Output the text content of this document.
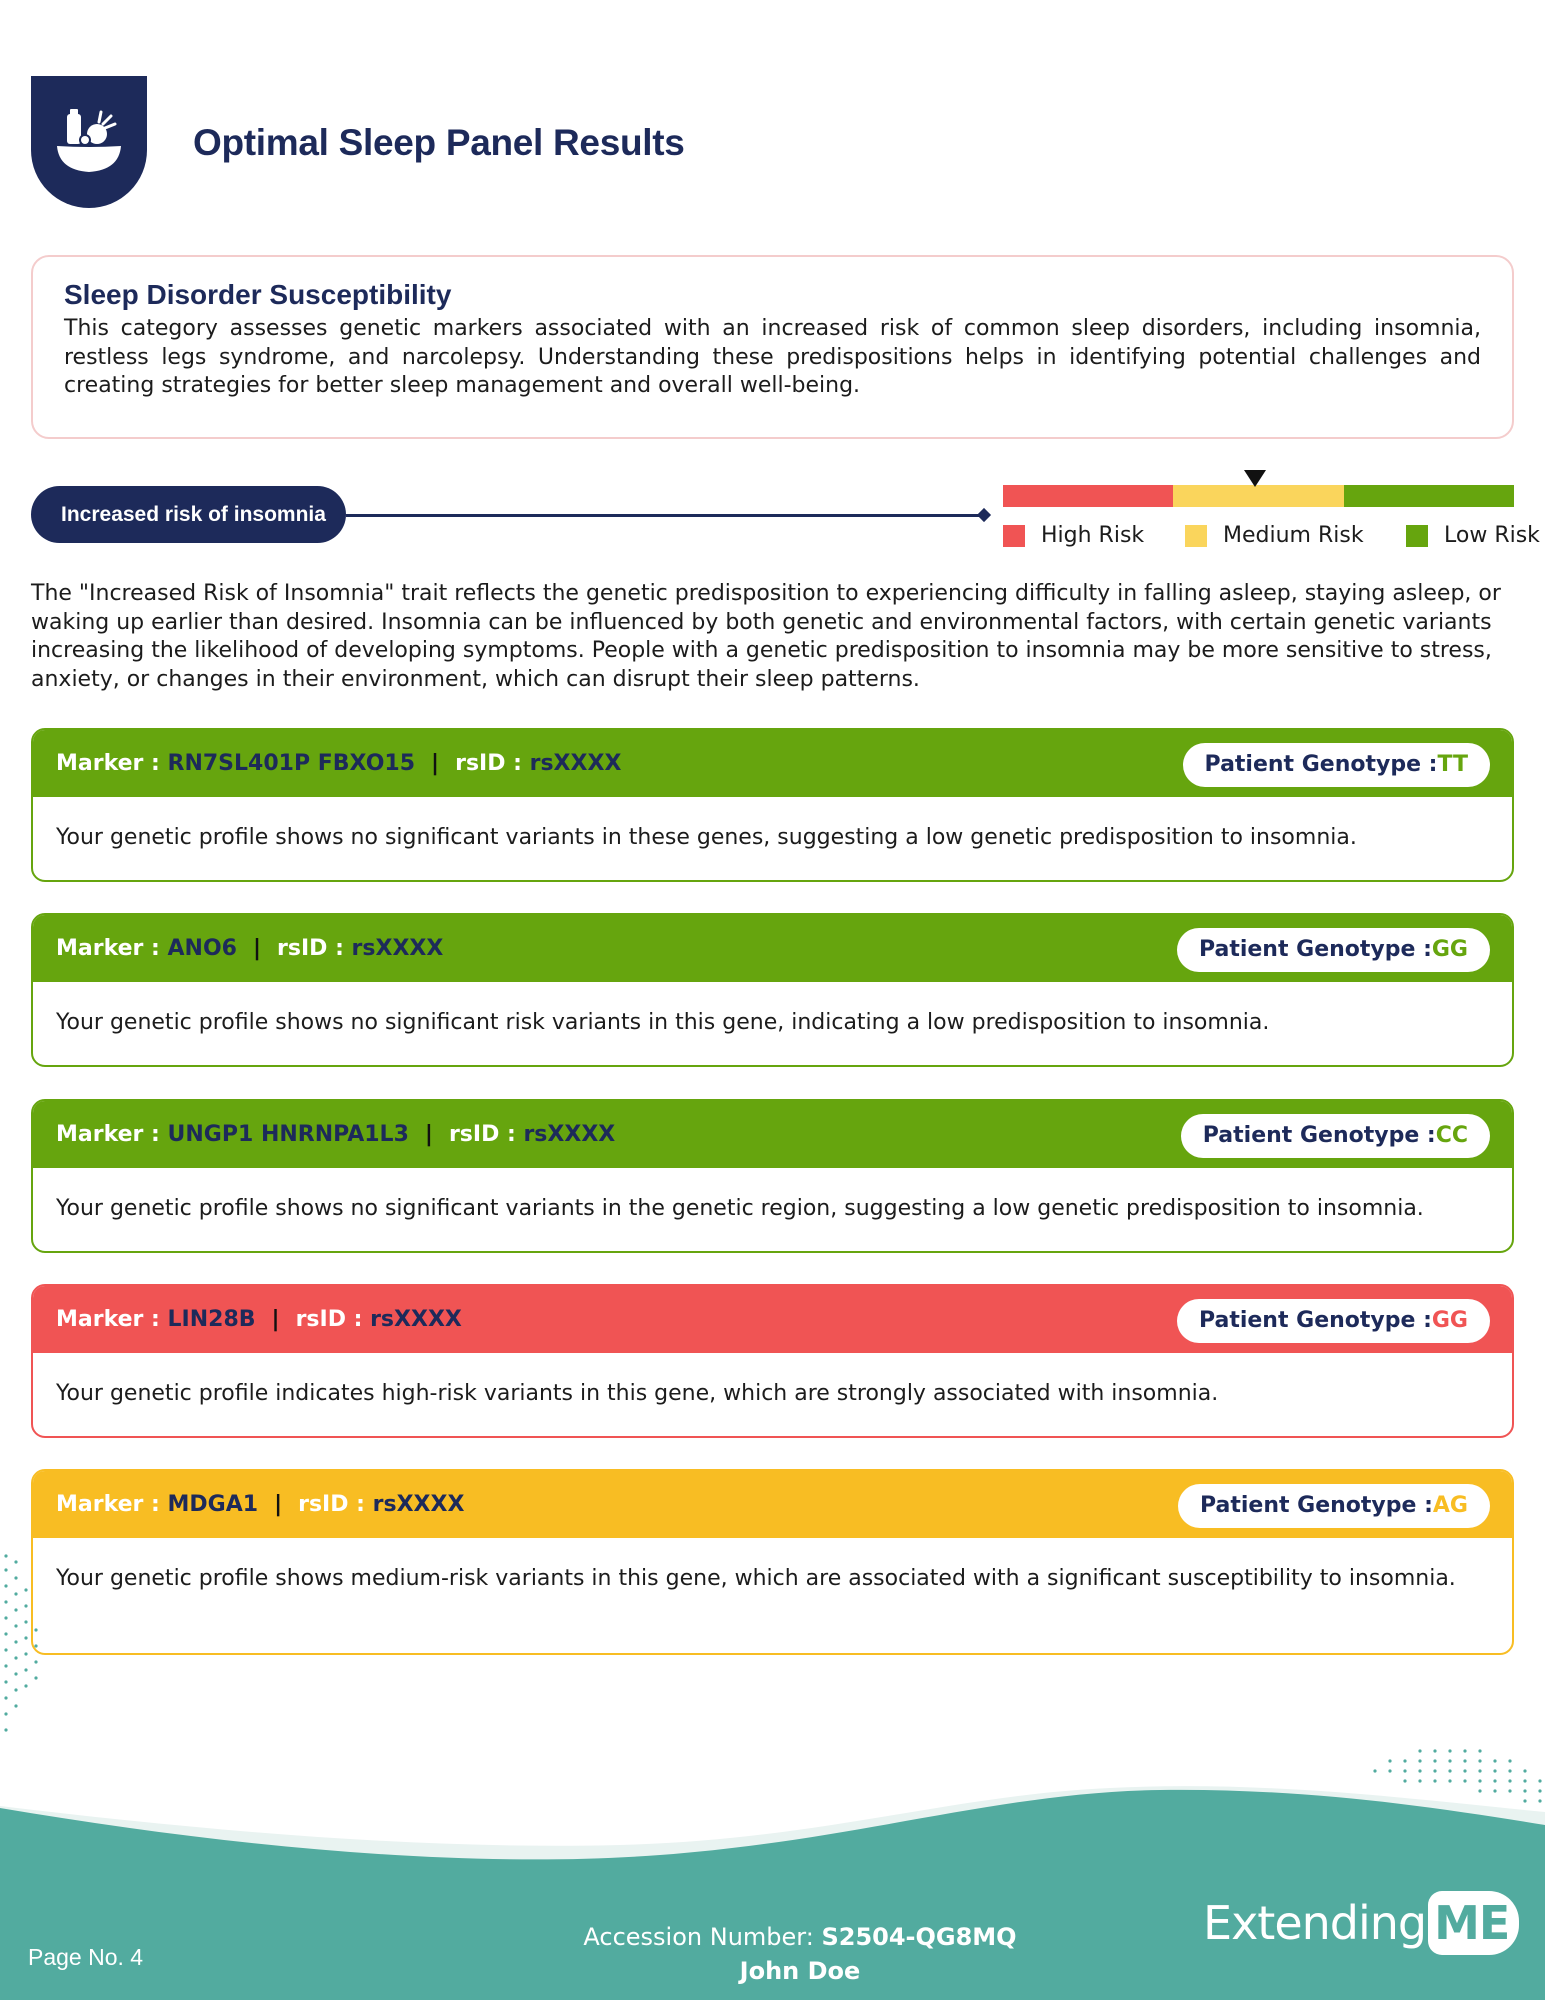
Optimal Sleep Panel Results
Sleep Disorder Susceptibility
This category assesses genetic markers associated with an increased risk of common sleep disorders, including insomnia, restless legs syndrome, and narcolepsy. Understanding these predispositions helps in identifying potential challenges and creating strategies for better sleep management and overall well-being.
Increased risk of insomnia
High Risk	Medium Risk	Low Risk
The "Increased Risk of Insomnia" trait reflects the genetic predisposition to experiencing difficulty in falling asleep, staying asleep, or waking up earlier than desired. Insomnia can be influenced by both genetic and environmental factors, with certain genetic variants increasing the likelihood of developing symptoms. People with a genetic predisposition to insomnia may be more sensitive to stress, anxiety, or changes in their environment, which can disrupt their sleep patterns.
Marker : RN7SL401P FBXO15 | rsID : rsXXXX	Patient Genotype :TT
Your genetic profile shows no significant variants in these genes, suggesting a low genetic predisposition to insomnia.
Marker : ANO6 | rsID : rsXXXX	Patient Genotype :GG
Your genetic profile shows no significant risk variants in this gene, indicating a low predisposition to insomnia.
Marker : UNGP1 HNRNPA1L3 | rsID : rsXXXX	Patient Genotype :CC
Your genetic profile shows no significant variants in the genetic region, suggesting a low genetic predisposition to insomnia.
Marker : LIN28B | rsID : rsXXXX	Patient Genotype :GG
Your genetic profile indicates high-risk variants in this gene, which are strongly associated with insomnia.
Marker : MDGA1 | rsID : rsXXXX	Patient Genotype :AG
Your genetic profile shows medium-risk variants in this gene, which are associated with a significant susceptibility to insomnia.
Page No. 4
Accession Number: S2504-QG8MQ
John Doe
Extending ME
